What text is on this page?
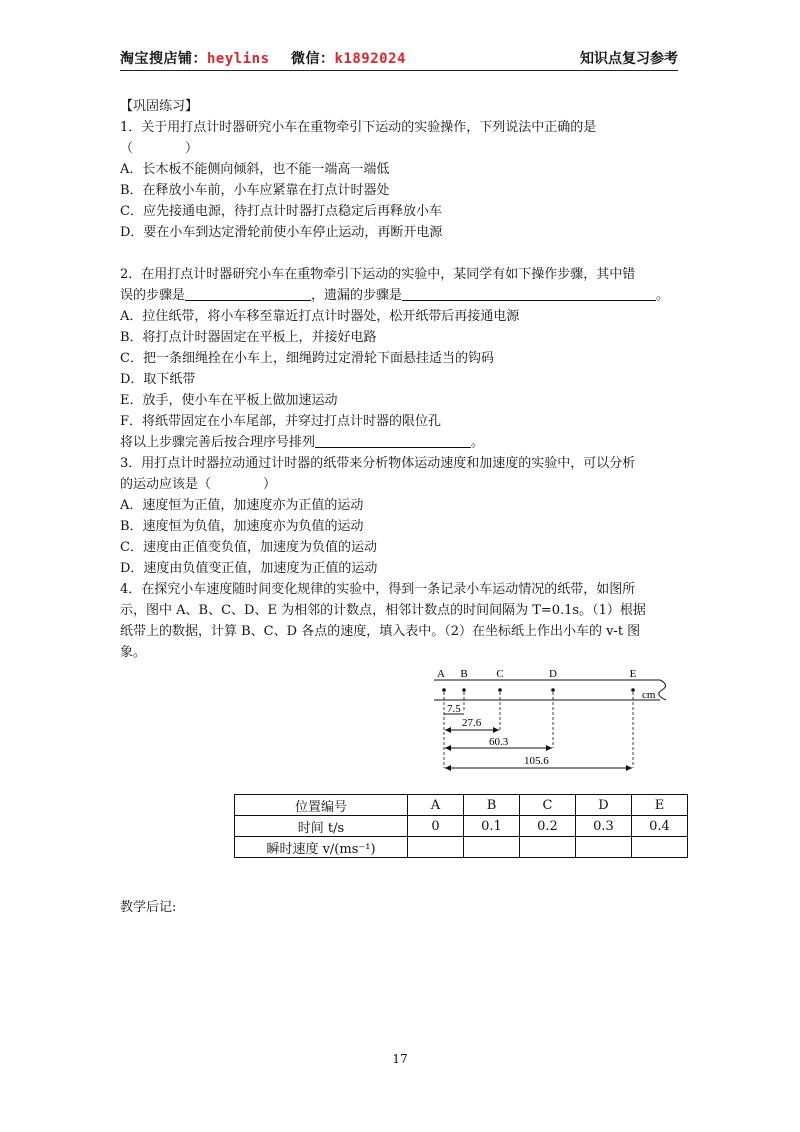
淘宝搜店铺：heylins 微信：k1892024	知识点复习参考

【巩固练习】

1．关于用打点计时器研究小车在重物牵引下运动的实验操作，下列说法中正确的是

（　　　　）

A．长木板不能侧向倾斜，也不能一端高一端低

B．在释放小车前，小车应紧靠在打点计时器处

C．应先接通电源，待打点计时器打点稳定后再释放小车

D．要在小车到达定滑轮前使小车停止运动，再断开电源

2．在用打点计时器研究小车在重物牵引下运动的实验中，某同学有如下操作步骤，其中错

误的步骤是	，遗漏的步骤是	。

A．拉住纸带，将小车移至靠近打点计时器处，松开纸带后再接通电源

B．将打点计时器固定在平板上，并接好电路

C．把一条细绳拴在小车上，细绳跨过定滑轮下面悬挂适当的钩码

D．取下纸带

E．放手，使小车在平板上做加速运动

F．将纸带固定在小车尾部，并穿过打点计时器的限位孔

将以上步骤完善后按合理序号排列	。

3．用打点计时器拉动通过计时器的纸带来分析物体运动速度和加速度的实验中，可以分析

的运动应该是（　　　　）

A．速度恒为正值，加速度亦为正值的运动

B．速度恒为负值，加速度亦为负值的运动

C．速度由正值变负值，加速度为负值的运动

D．速度由负值变正值，加速度为正值的运动

4．在探究小车速度随时间变化规律的实验中，得到一条记录小车运动情况的纸带，如图所

示，图中 A、B、C、D、E 为相邻的计数点，相邻计数点的时间间隔为 T=0.1s。（1）根据

纸带上的数据，计算 B、C、D 各点的速度，填入表中。（2）在坐标纸上作出小车的 v-t 图

象。

cm
A B	C	D	E
7.5
27.6
60.3
105.6
位置编号	A	B	C	D	E
时间 t/s	0	0.1	0.2	0.3	0.4
瞬时速度 v/(ms⁻¹)					
教学后记:
17
